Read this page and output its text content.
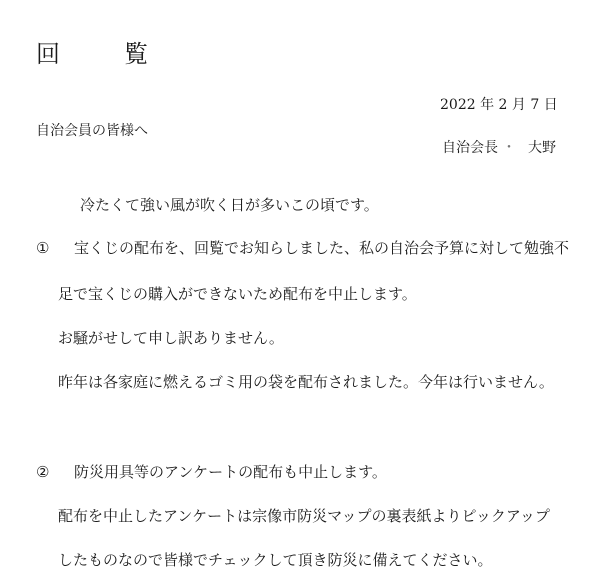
回　覧
2022 年 2 月 7 日
自治会員の皆様へ
自治会長 ・ 大野
冷たくて強い風が吹く日が多いこの頃です。
① 宝くじの配布を、回覧でお知らしました、私の自治会予算に対して勉強不
足で宝くじの購入ができないため配布を中止します。
お騒がせして申し訳ありません。
昨年は各家庭に燃えるゴミ用の袋を配布されました。今年は行いません。
② 防災用具等のアンケートの配布も中止します。
配布を中止したアンケートは宗像市防災マップの裏表紙よりピックアップ
したものなので皆様でチェックして頂き防災に備えてください。
